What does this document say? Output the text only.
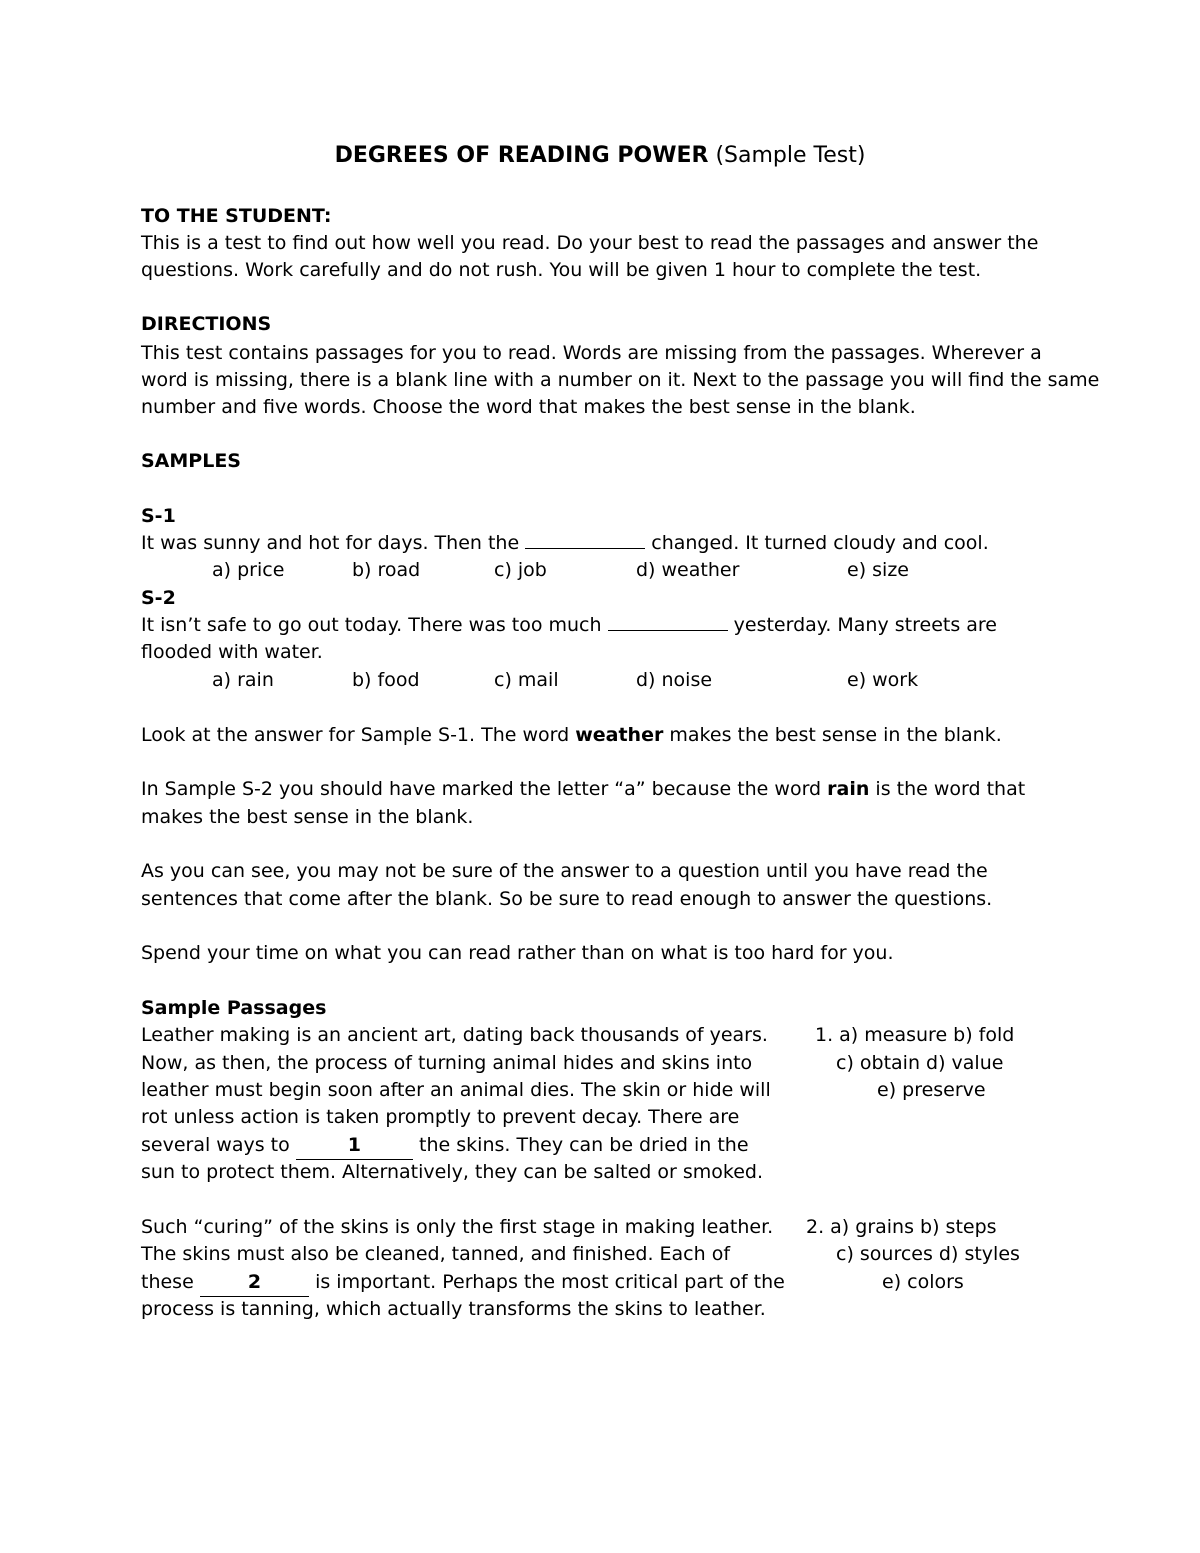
DEGREES OF READING POWER (Sample Test)
TO THE STUDENT:
This is a test to find out how well you read. Do your best to read the passages and answer the
questions. Work carefully and do not rush. You will be given 1 hour to complete the test.
DIRECTIONS
This test contains passages for you to read. Words are missing from the passages. Wherever a
word is missing, there is a blank line with a number on it. Next to the passage you will find the same
number and five words. Choose the word that makes the best sense in the blank.
SAMPLES
S-1
It was sunny and hot for days. Then the	changed. It turned cloudy and cool.
a) price	b) road	c) job	d) weather	e) size
S-2
It isn’t safe to go out today. There was too much	yesterday. Many streets are
flooded with water.
a) rain	b) food	c) mail	d) noise	e) work
Look at the answer for Sample S-1. The word weather makes the best sense in the blank.
In Sample S-2 you should have marked the letter “a” because the word rain is the word that
makes the best sense in the blank.
As you can see, you may not be sure of the answer to a question until you have read the
sentences that come after the blank. So be sure to read enough to answer the questions.
Spend your time on what you can read rather than on what is too hard for you.
Sample Passages
Leather making is an ancient art, dating back thousands of years.
Now, as then, the process of turning animal hides and skins into
leather must begin soon after an animal dies. The skin or hide will
rot unless action is taken promptly to prevent decay. There are
several ways to	1	the skins. They can be dried in the
sun to protect them. Alternatively, they can be salted or smoked.
1. a) measure b) fold
c) obtain d) value
e) preserve
Such “curing” of the skins is only the first stage in making leather.
The skins must also be cleaned, tanned, and finished. Each of
these	2	is important. Perhaps the most critical part of the
process is tanning, which actually transforms the skins to leather.
2. a) grains b) steps
c) sources d) styles
e) colors
